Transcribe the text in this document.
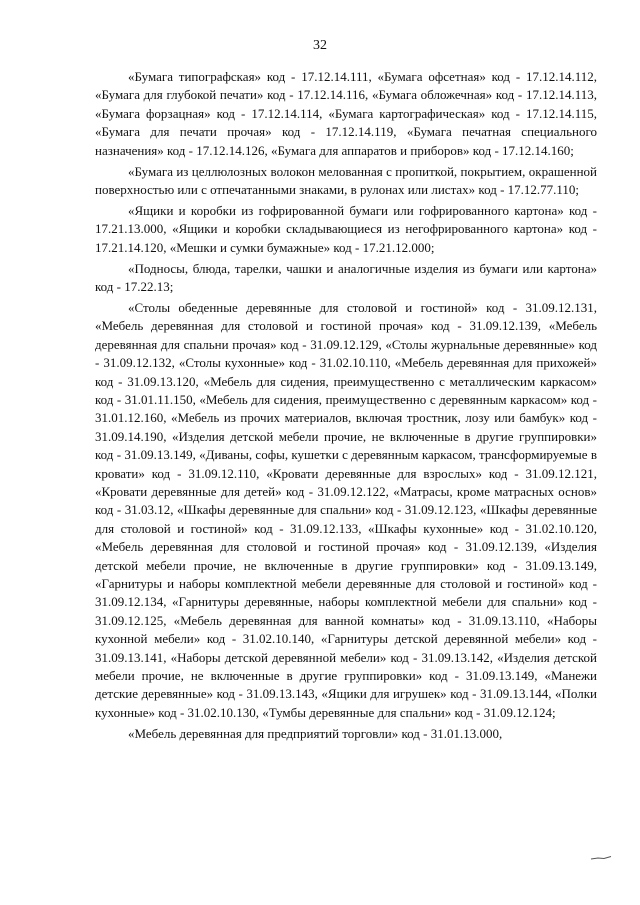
32

«Бумага типографская» код - 17.12.14.111, «Бумага офсетная» код - 17.12.14.112, «Бумага для глубокой печати» код - 17.12.14.116, «Бумага обложечная» код - 17.12.14.113, «Бумага форзацная» код - 17.12.14.114, «Бумага картографическая» код - 17.12.14.115, «Бумага для печати прочая» код - 17.12.14.119, «Бумага печатная специального назначения» код - 17.12.14.126, «Бумага для аппаратов и приборов» код - 17.12.14.160;

«Бумага из целлюлозных волокон мелованная с пропиткой, покрытием, окрашенной поверхностью или с отпечатанными знаками, в рулонах или листах» код - 17.12.77.110;

«Ящики и коробки из гофрированной бумаги или гофрированного картона» код - 17.21.13.000, «Ящики и коробки складывающиеся из негофрированного картона» код - 17.21.14.120, «Мешки и сумки бумажные» код - 17.21.12.000;

«Подносы, блюда, тарелки, чашки и аналогичные изделия из бумаги или картона» код - 17.22.13;

«Столы обеденные деревянные для столовой и гостиной» код - 31.09.12.131, «Мебель деревянная для столовой и гостиной прочая» код - 31.09.12.139, «Мебель деревянная для спальни прочая» код - 31.09.12.129, «Столы журнальные деревянные» код - 31.09.12.132, «Столы кухонные» код - 31.02.10.110, «Мебель деревянная для прихожей» код - 31.09.13.120, «Мебель для сидения, преимущественно с металлическим каркасом» код - 31.01.11.150, «Мебель для сидения, преимущественно с деревянным каркасом» код - 31.01.12.160, «Мебель из прочих материалов, включая тростник, лозу или бамбук» код - 31.09.14.190, «Изделия детской мебели прочие, не включенные в другие группировки» код - 31.09.13.149, «Диваны, софы, кушетки с деревянным каркасом, трансформируемые в кровати» код - 31.09.12.110, «Кровати деревянные для взрослых» код - 31.09.12.121, «Кровати деревянные для детей» код - 31.09.12.122, «Матрасы, кроме матрасных основ» код - 31.03.12, «Шкафы деревянные для спальни» код - 31.09.12.123, «Шкафы деревянные для столовой и гостиной» код - 31.09.12.133, «Шкафы кухонные» код - 31.02.10.120, «Мебель деревянная для столовой и гостиной прочая» код - 31.09.12.139, «Изделия детской мебели прочие, не включенные в другие группировки» код - 31.09.13.149, «Гарнитуры и наборы комплектной мебели деревянные для столовой и гостиной» код - 31.09.12.134, «Гарнитуры деревянные, наборы комплектной мебели для спальни» код - 31.09.12.125, «Мебель деревянная для ванной комнаты» код - 31.09.13.110, «Наборы кухонной мебели» код - 31.02.10.140, «Гарнитуры детской деревянной мебели» код - 31.09.13.141, «Наборы детской деревянной мебели» код - 31.09.13.142, «Изделия детской мебели прочие, не включенные в другие группировки» код - 31.09.13.149, «Манежи детские деревянные» код - 31.09.13.143, «Ящики для игрушек» код - 31.09.13.144, «Полки кухонные» код - 31.02.10.130, «Тумбы деревянные для спальни» код - 31.09.12.124;

«Мебель деревянная для предприятий торговли» код - 31.01.13.000,
